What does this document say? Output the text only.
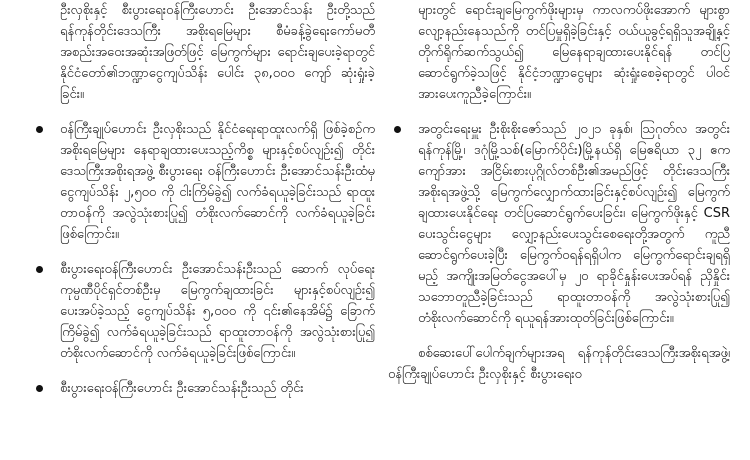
ဦးလှစိုးနှင့် စီးပွားရေးဝန်ကြီးဟောင်း ဦးအောင်သန်း ဦးတို့သည် ရန်ကုန်တိုင်းဒေသကြီး အစိုးရမြေများ စီမံခန့်ခွဲရေးကော်မတီ အစည်းအဝေးအဆုံးအဖြတ်ဖြင့် မြေကွက်များ ရောင်းချပေးခဲ့ရာတွင် နိုင်ငံတော်၏ဘဏ္ဍာငွေကျပ်သိန်း ပေါင်း ၃၈,၀၀၀ ကျော် ဆုံးရှုံးခဲ့ခြင်း။

ဝန်ကြီးချုပ်ဟောင်း ဦးလှစိုးသည် နိုင်ငံရေးရာထူးလက်ရှိ ဖြစ်ခဲ့စဉ်က အစိုးရမြေများ နေရာချထားပေးသည့်ကိစ္စ များနှင့်စပ်လျဉ်း၍ တိုင်းဒေသကြီးအစိုးရအဖွဲ့ စီးပွားရေး ဝန်ကြီးဟောင်း ဦးအောင်သန်းဦးထံမှ ငွေကျပ်သိန်း ၂,၅၀၀ ကို ငါးကြိမ်ခွဲ၍ လက်ခံရယူခဲ့ခြင်းသည် ရာထူးတာဝန်ကို အလွဲသုံးစားပြု၍ တံစိုးလက်ဆောင်ကို လက်ခံရယူခဲ့ခြင်း ဖြစ်ကြောင်း။

စီးပွားရေးဝန်ကြီးဟောင်း ဦးအောင်သန်းဦးသည် ဆောက် လုပ်ရေးကုမ္ပဏီပိုင်ရှင်တစ်ဦးမှ မြေကွက်ချထားခြင်း များနှင့်စပ်လျဉ်း၍ ပေးအပ်ခဲ့သည့် ငွေကျပ်သိန်း ၅,၀၀၀ ကို ၎င်း၏နေအိမ်၌ ခြောက်ကြိမ်ခွဲ၍ လက်ခံရယူခဲ့ခြင်းသည် ရာထူးတာဝန်ကို အလွဲသုံးစားပြု၍ တံစိုးလက်ဆောင်ကို လက်ခံရယူခဲ့ခြင်းဖြစ်ကြောင်း။

စီးပွားရေးဝန်ကြီးဟောင်း ဦးအောင်သန်းဦးသည် တိုင်း

များတွင် ရောင်းချမြေကွက်ဖိုးများမှ ကာလကပ်ဖိုးအောက် များစွာလျော့နည်းနေသည်ကို တင်ပြမှုရှိခဲ့ခြင်းနှင့် ဝယ်ယူခွင့်ရရှိသူအချို့နှင့် တိုက်ရိုက်ဆက်သွယ်၍ မြေနေရာချထားပေးနိုင်ရန် တင်ပြဆောင်ရွက်ခဲ့သဖြင့် နိုင်ငံ့ဘဏ္ဍာငွေများ ဆုံးရှုံးစေခဲ့ရာတွင် ပါဝင်အားပေးကူညီခဲ့ကြောင်း။

အတွင်းရေးမှူး ဦးစိုးစိုးဇော်သည် ၂၀၂၁ ခုနှစ်၊ ဩဂုတ်လ အတွင်း ရန်ကုန်မြို့၊ ဒဂုံမြို့သစ်(မြောက်ပိုင်း)မြို့နယ်ရှိ မြေဧရိယာ ၃၂ ဧကကျော်အား အငြိမ်းစားပုဂ္ဂိုလ်တစ်ဦး၏အမည်ဖြင့် တိုင်းဒေသကြီးအစိုးရအဖွဲ့သို့ မြေကွက်လျှောက်ထားခြင်းနှင့်စပ်လျဉ်း၍ မြေကွက်ချထားပေးနိုင်ရေး တင်ပြဆောင်ရွက်ပေးခြင်း၊ မြေကွက်ဖိုးနှင့် CSR ပေးသွင်းငွေများ လျှော့နည်းပေးသွင်းစေရေးတို့အတွက် ကူညီဆောင်ရွက်ပေးခဲ့ပြီး မြေကွက်ဝရန်ရရှိပါက မြေကွက်ရောင်းချရရှိမည့် အကျိုးအမြတ်ငွေအပေါ်မှ ၂၀ ရာခိုင်နှုန်းပေးအပ်ရန် ညှိနှိုင်းသဘောတူညီခဲ့ခြင်းသည် ရာထူးတာဝန်ကို အလွဲသုံးစားပြု၍ တံစိုးလက်ဆောင်ကို ရယူရန်အားထုတ်ခြင်းဖြစ်ကြောင်း။

စစ်ဆေးပေါ်ပေါက်ချက်များအရ ရန်ကုန်တိုင်းဒေသကြီးအစိုးရအဖွဲ့၊ ဝန်ကြီးချုပ်ဟောင်း ဦးလှစိုးနှင့် စီးပွားရေးဝ
